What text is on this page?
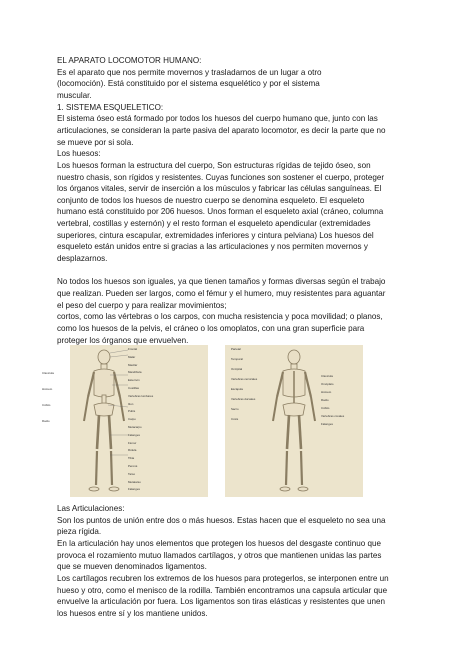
EL APARATO LOCOMOTOR HUMANO:
Es el aparato que nos permite movernos y trasladarnos de un lugar a otro
(locomoción). Está constituido por el sistema esquelético y por el sistema
muscular.
1. SISTEMA ESQUELETICO:
El sistema óseo está formado por todos los huesos del cuerpo humano que, junto con las
articulaciones, se consideran la parte pasiva del aparato locomotor, es decir la parte que no
se mueve por si sola.
Los huesos:
Los huesos forman la estructura del cuerpo, Son estructuras rígidas de tejido óseo, son
nuestro chasis, son rígidos y resistentes. Cuyas funciones son sostener el cuerpo, proteger
los órganos vitales, servir de inserción a los músculos y fabricar las células sanguíneas. El
conjunto de todos los huesos de nuestro cuerpo se denomina esqueleto. El esqueleto
humano está constituido por 206 huesos. Unos forman el esqueleto axial (cráneo, columna
vertebral, costillas y esternón) y el resto forman el esqueleto apendicular (extremidades
superiores, cintura escapular, extremidades inferiores y cintura pelviana) Los huesos del
esqueleto están unidos entre si gracias a las articulaciones y nos permiten movernos y
desplazarnos.
No todos los huesos son iguales, ya que tienen tamaños y formas diversas según el trabajo
que realizan. Pueden ser largos, como el fémur y el humero, muy resistentes para aguantar
el peso del cuerpo y para realizar movimientos;
cortos, como las vértebras o los carpos, con mucha resistencia y poca movilidad; o planos,
como los huesos de la pelvis, el cráneo o los omoplatos, con una gran superficie para
proteger los órganos que envuelven.
Frontal
Malar
Maxilar
Mandíbula
Esternón
Costillas
Vértebras lumbares
Ilion
Pubis
Carpo
Metacarpo
Falanges
Fémur
Rótula
Tibia
Peroné
Tarso
Metatarso
Falanges
Parietal
Temporal
Occipital
Vértebras cervicales
Escápula
Vértebras dorsales
Sacro
Cóxis
Clavícula
Omóplato
Húmero
Radio
Cúbito
Vértebras coxales
Falanges
Clavícula
Húmero
Cúbito
Radio
Las Articulaciones:
Son los puntos de unión entre dos o más huesos. Estas hacen que el esqueleto no sea una
pieza rígida.
En la articulación hay unos elementos que protegen los huesos del desgaste continuo que
provoca el rozamiento mutuo llamados cartílagos, y otros que mantienen unidas las partes
que se mueven denominados ligamentos.
Los cartílagos recubren los extremos de los huesos para protegerlos, se interponen entre un
hueso y otro, como el menisco de la rodilla. También encontramos una capsula articular que
envuelve la articulación por fuera. Los ligamentos son tiras elásticas y resistentes que unen
los huesos entre sí y los mantiene unidos.
